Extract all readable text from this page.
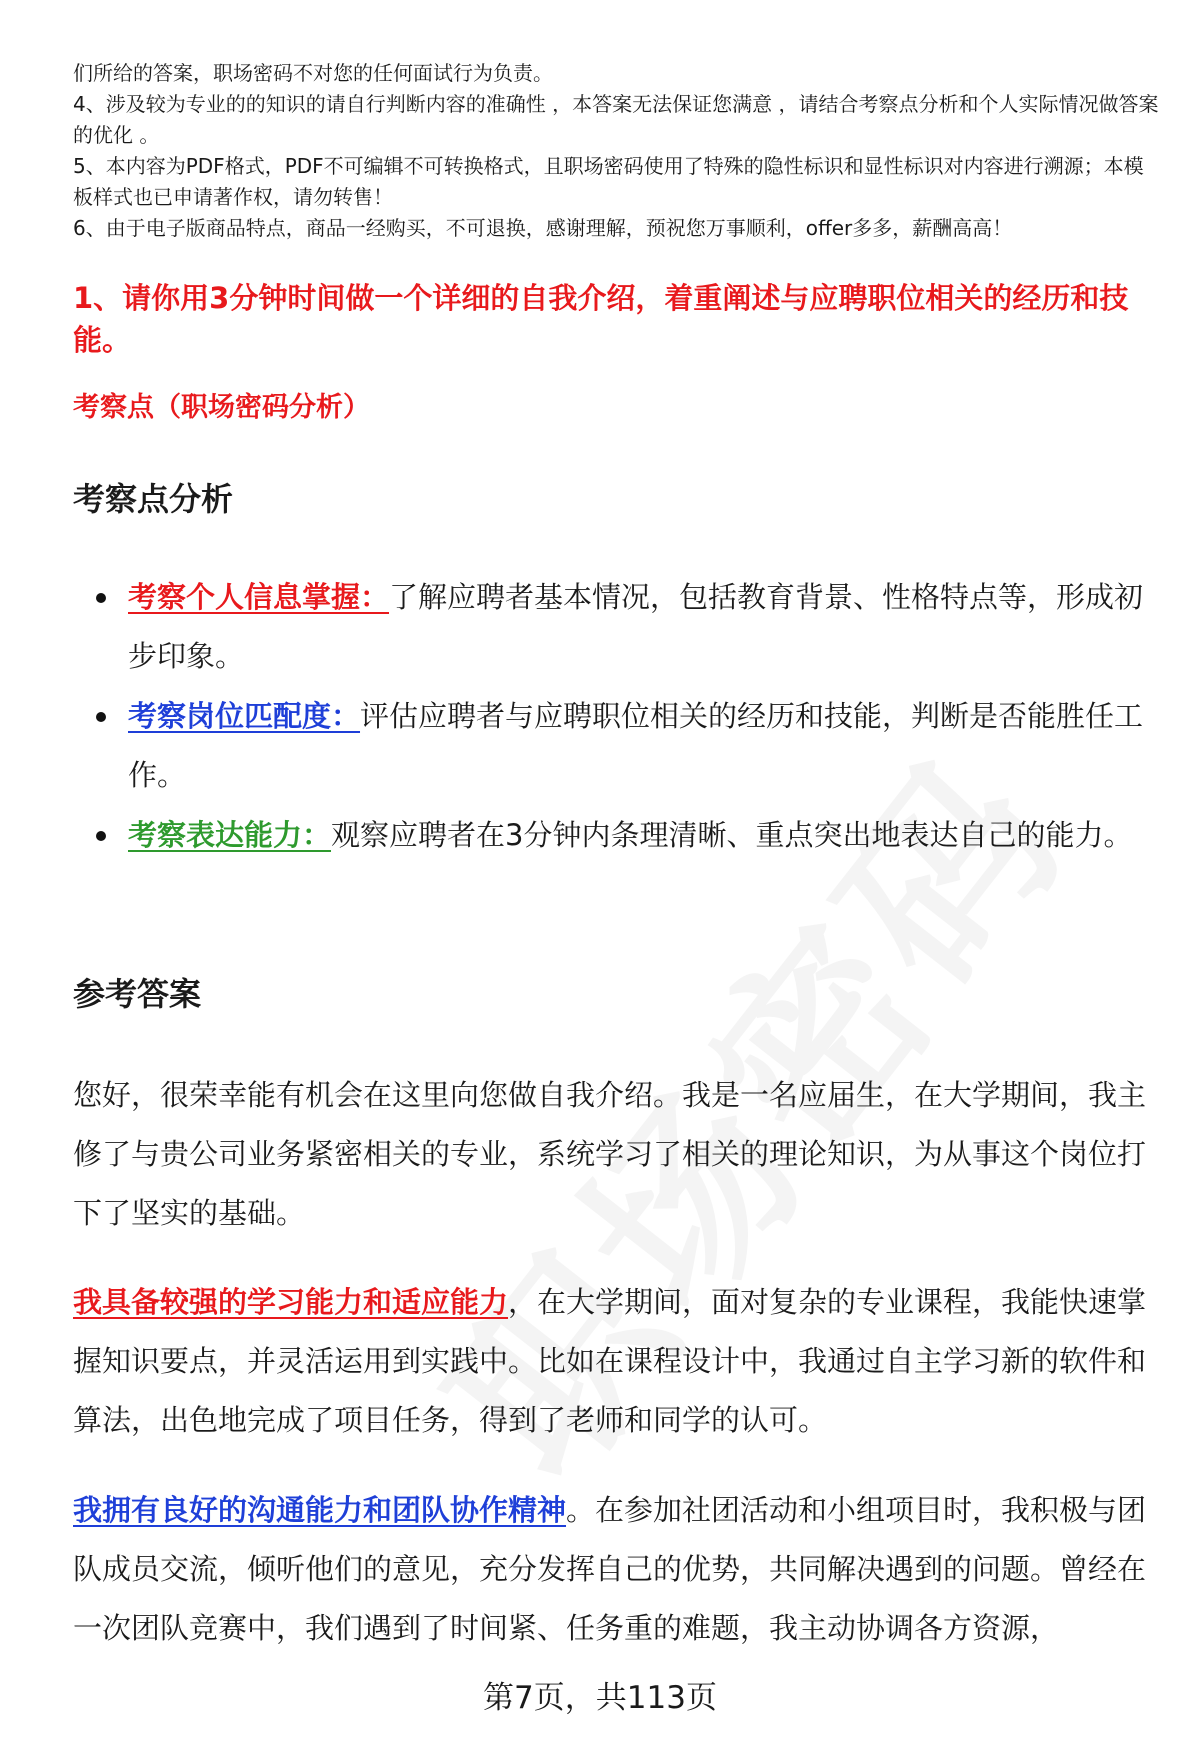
们所给的答案，职场密码不对您的任何面试行为负责。

4、涉及较为专业的的知识的请自行判断内容的准确性 ，本答案无法保证您满意 ，请结合考察点分析和个人实际情况做答案的优化 。

5、本内容为PDF格式，PDF不可编辑不可转换格式，且职场密码使用了特殊的隐性标识和显性标识对内容进行溯源；本模板样式也已申请著作权，请勿转售！

6、由于电子版商品特点，商品一经购买，不可退换，感谢理解，预祝您万事顺利，offer多多，薪酬高高！

1、请你用3分钟时间做一个详细的自我介绍，着重阐述与应聘职位相关的经历和技能。

考察点（职场密码分析）

考察点分析
考察个人信息掌握：了解应聘者基本情况，包括教育背景、性格特点等，形成初步印象。
考察岗位匹配度：评估应聘者与应聘职位相关的经历和技能，判断是否能胜任工作。
考察表达能力：观察应聘者在3分钟内条理清晰、重点突出地表达自己的能力。
参考答案

您好，很荣幸能有机会在这里向您做自我介绍。我是一名应届生，在大学期间，我主修了与贵公司业务紧密相关的专业，系统学习了相关的理论知识，为从事这个岗位打下了坚实的基础。

我具备较强的学习能力和适应能力，在大学期间，面对复杂的专业课程，我能快速掌握知识要点，并灵活运用到实践中。比如在课程设计中，我通过自主学习新的软件和算法，出色地完成了项目任务，得到了老师和同学的认可。

我拥有良好的沟通能力和团队协作精神。在参加社团活动和小组项目时，我积极与团队成员交流，倾听他们的意见，充分发挥自己的优势，共同解决遇到的问题。曾经在一次团队竞赛中，我们遇到了时间紧、任务重的难题，我主动协调各方资源，

第7页，共113页
